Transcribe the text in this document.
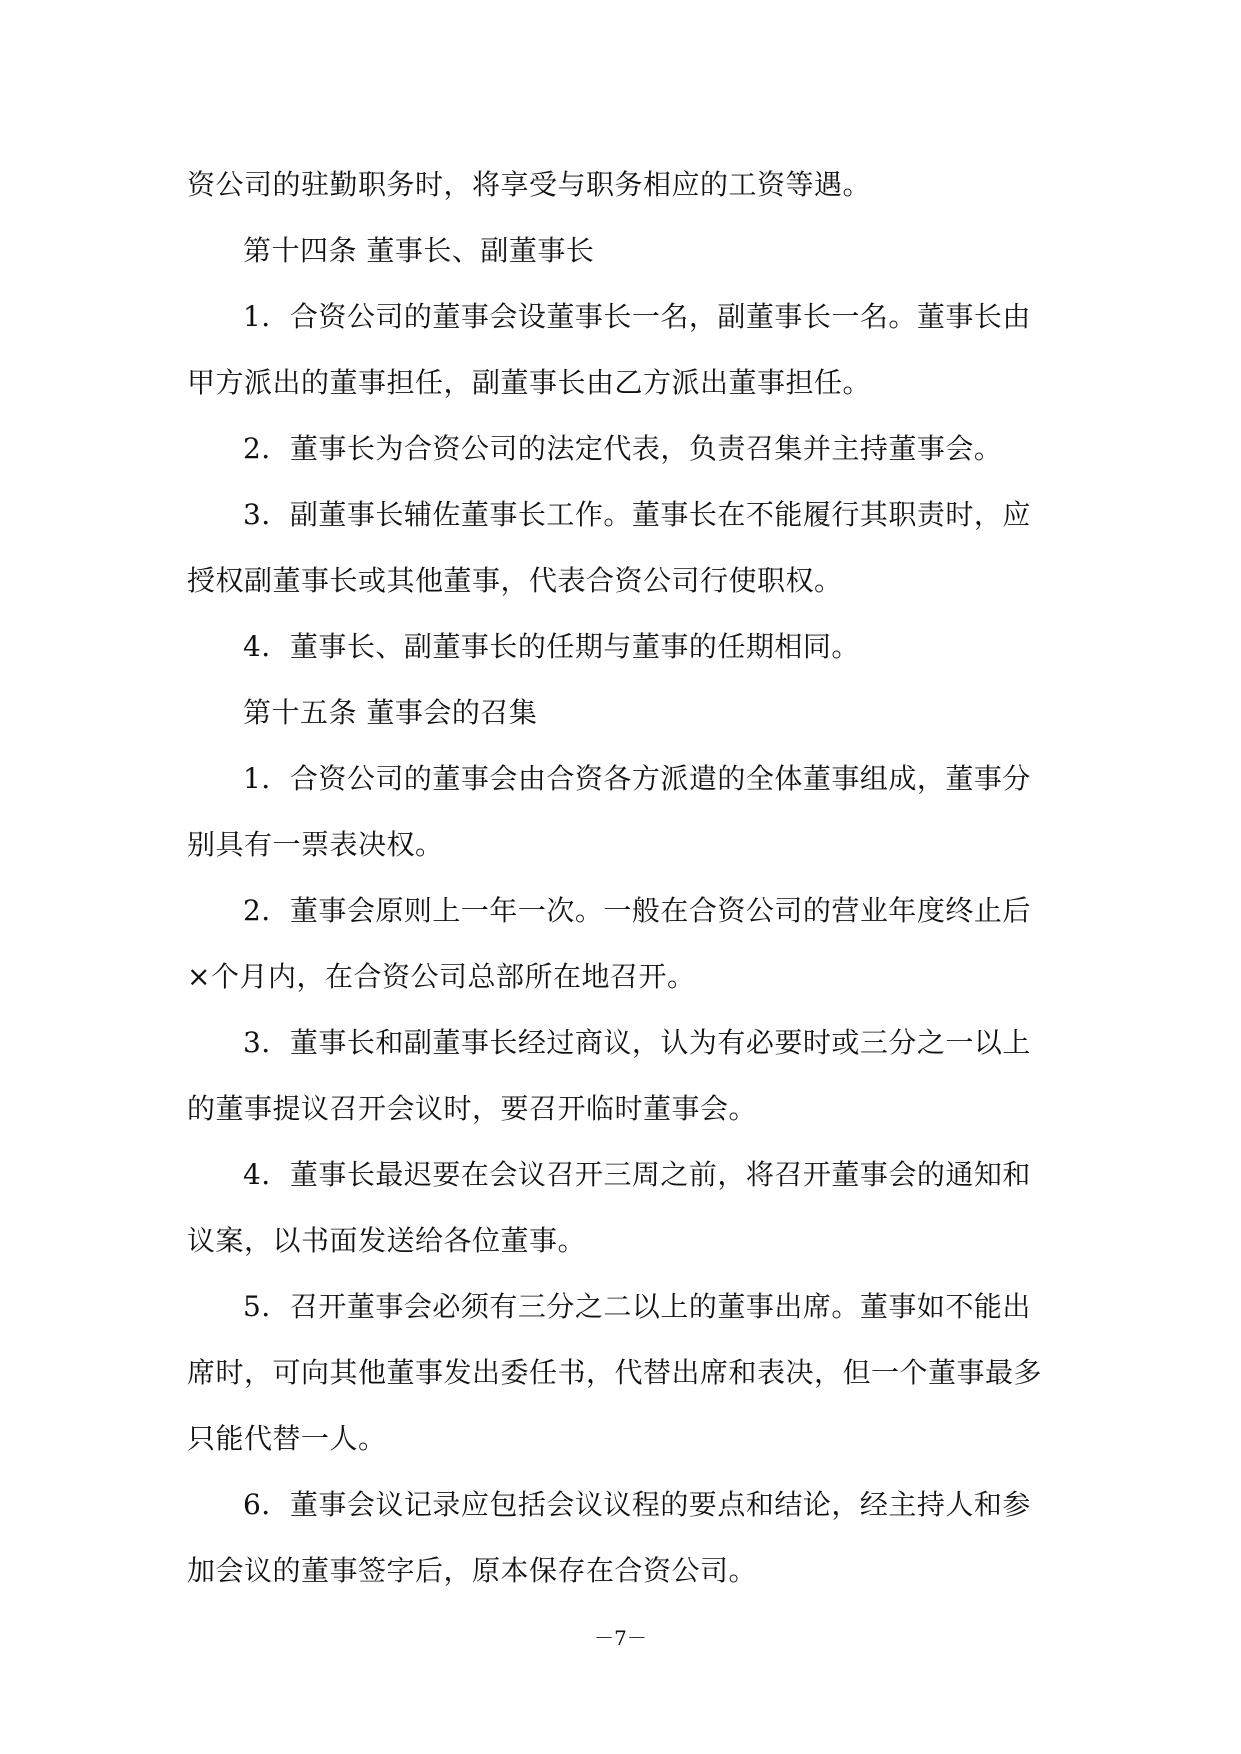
资公司的驻勤职务时，将享受与职务相应的工资等遇。
第十四条 董事长、副董事长
1．合资公司的董事会设董事长一名，副董事长一名。董事长由
甲方派出的董事担任，副董事长由乙方派出董事担任。
2．董事长为合资公司的法定代表，负责召集并主持董事会。
3．副董事长辅佐董事长工作。董事长在不能履行其职责时，应
授权副董事长或其他董事，代表合资公司行使职权。
4．董事长、副董事长的任期与董事的任期相同。
第十五条 董事会的召集
1．合资公司的董事会由合资各方派遣的全体董事组成，董事分
别具有一票表决权。
2．董事会原则上一年一次。一般在合资公司的营业年度终止后
×个月内，在合资公司总部所在地召开。
3．董事长和副董事长经过商议，认为有必要时或三分之一以上
的董事提议召开会议时，要召开临时董事会。
4．董事长最迟要在会议召开三周之前，将召开董事会的通知和
议案，以书面发送给各位董事。
5．召开董事会必须有三分之二以上的董事出席。董事如不能出
席时，可向其他董事发出委任书，代替出席和表决，但一个董事最多
只能代替一人。
6．董事会议记录应包括会议议程的要点和结论，经主持人和参
加会议的董事签字后，原本保存在合资公司。
－7－
